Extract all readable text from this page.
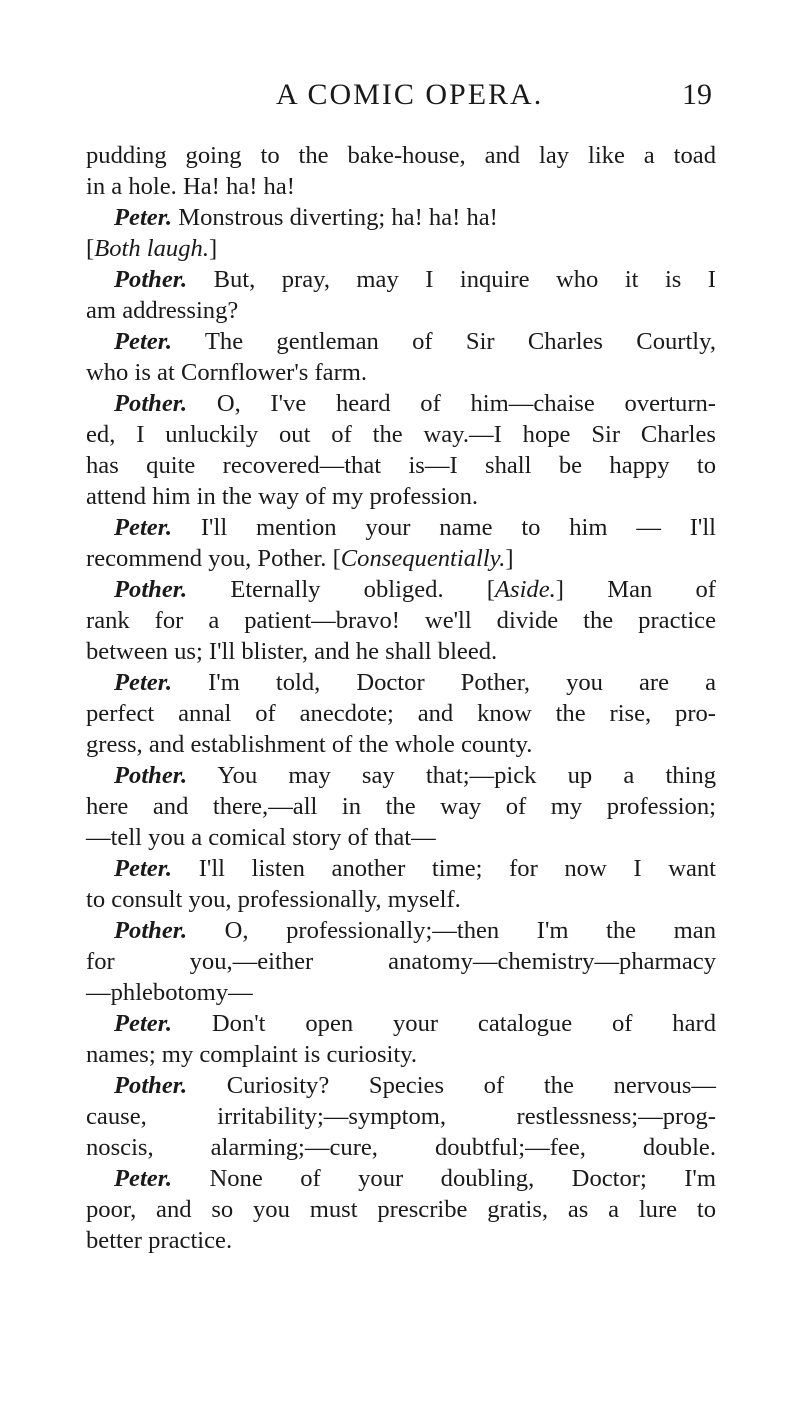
A COMIC OPERA.	19
pudding going to the bake-house, and lay like a toad
in a hole. Ha! ha! ha!
Peter. Monstrous diverting; ha! ha! ha!
[Both laugh.]
Pother. But, pray, may I inquire who it is I
am addressing?
Peter. The gentleman of Sir Charles Courtly,
who is at Cornflower's farm.
Pother. O, I've heard of him—chaise overturn-
ed, I unluckily out of the way.—I hope Sir Charles
has quite recovered—that is—I shall be happy to
attend him in the way of my profession.
Peter. I'll mention your name to him — I'll
recommend you, Pother. [Consequentially.]
Pother. Eternally obliged. [Aside.] Man of
rank for a patient—bravo! we'll divide the practice
between us; I'll blister, and he shall bleed.
Peter. I'm told, Doctor Pother, you are a
perfect annal of anecdote; and know the rise, pro-
gress, and establishment of the whole county.
Pother. You may say that;—pick up a thing
here and there,—all in the way of my profession;
—tell you a comical story of that—
Peter. I'll listen another time; for now I want
to consult you, professionally, myself.
Pother. O, professionally;—then I'm the man
for you,—either anatomy—chemistry—pharmacy
—phlebotomy—
Peter. Don't open your catalogue of hard
names; my complaint is curiosity.
Pother. Curiosity? Species of the nervous—
cause, irritability;—symptom, restlessness;—prog-
noscis, alarming;—cure, doubtful;—fee, double.
Peter. None of your doubling, Doctor; I'm
poor, and so you must prescribe gratis, as a lure to
better practice.
